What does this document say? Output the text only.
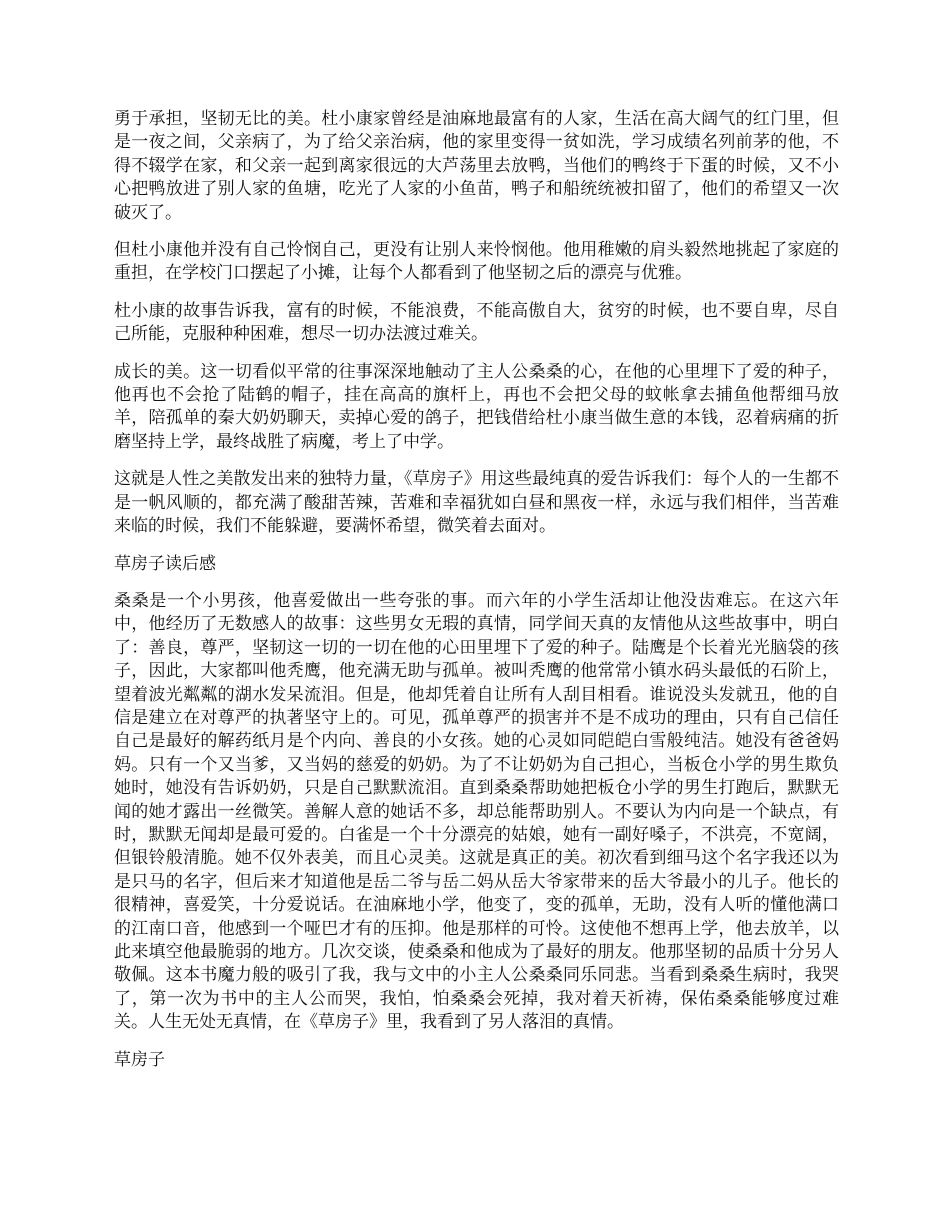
勇于承担，坚韧无比的美。杜小康家曾经是油麻地最富有的人家，生活在高大阔气的红门里，但是一夜之间，父亲病了，为了给父亲治病，他的家里变得一贫如洗，学习成绩名列前茅的他，不得不辍学在家，和父亲一起到离家很远的大芦荡里去放鸭，当他们的鸭终于下蛋的时候，又不小心把鸭放进了别人家的鱼塘，吃光了人家的小鱼苗，鸭子和船统统被扣留了，他们的希望又一次破灭了。

但杜小康他并没有自己怜悯自己，更没有让别人来怜悯他。他用稚嫩的肩头毅然地挑起了家庭的重担，在学校门口摆起了小摊，让每个人都看到了他坚韧之后的漂亮与优雅。

杜小康的故事告诉我，富有的时候，不能浪费，不能高傲自大，贫穷的时候，也不要自卑，尽自己所能，克服种种困难，想尽一切办法渡过难关。

成长的美。这一切看似平常的往事深深地触动了主人公桑桑的心，在他的心里埋下了爱的种子，他再也不会抢了陆鹤的帽子，挂在高高的旗杆上，再也不会把父母的蚊帐拿去捕鱼他帮细马放羊，陪孤单的秦大奶奶聊天，卖掉心爱的鸽子，把钱借给杜小康当做生意的本钱，忍着病痛的折磨坚持上学，最终战胜了病魔，考上了中学。

这就是人性之美散发出来的独特力量，《草房子》用这些最纯真的爱告诉我们：每个人的一生都不是一帆风顺的，都充满了酸甜苦辣，苦难和幸福犹如白昼和黑夜一样，永远与我们相伴，当苦难来临的时候，我们不能躲避，要满怀希望，微笑着去面对。

草房子读后感

桑桑是一个小男孩，他喜爱做出一些夸张的事。而六年的小学生活却让他没齿难忘。在这六年中，他经历了无数感人的故事：这些男女无瑕的真情，同学间天真的友情他从这些故事中，明白了：善良，尊严，坚韧这一切的一切在他的心田里埋下了爱的种子。陆鹰是个长着光光脑袋的孩子，因此，大家都叫他秃鹰，他充满无助与孤单。被叫秃鹰的他常常小镇水码头最低的石阶上，望着波光粼粼的湖水发呆流泪。但是，他却凭着自让所有人刮目相看。谁说没头发就丑，他的自信是建立在对尊严的执著坚守上的。可见，孤单尊严的损害并不是不成功的理由，只有自己信任自己是最好的解药纸月是个内向、善良的小女孩。她的心灵如同皑皑白雪般纯洁。她没有爸爸妈妈。只有一个又当爹，又当妈的慈爱的奶奶。为了不让奶奶为自己担心，当板仓小学的男生欺负她时，她没有告诉奶奶，只是自己默默流泪。直到桑桑帮助她把板仓小学的男生打跑后，默默无闻的她才露出一丝微笑。善解人意的她话不多，却总能帮助别人。不要认为内向是一个缺点，有时，默默无闻却是最可爱的。白雀是一个十分漂亮的姑娘，她有一副好嗓子，不洪亮，不宽阔，但银铃般清脆。她不仅外表美，而且心灵美。这就是真正的美。初次看到细马这个名字我还以为是只马的名字，但后来才知道他是岳二爷与岳二妈从岳大爷家带来的岳大爷最小的儿子。他长的很精神，喜爱笑，十分爱说话。在油麻地小学，他变了，变的孤单，无助，没有人听的懂他满口的江南口音，他感到一个哑巴才有的压抑。他是那样的可怜。这使他不想再上学，他去放羊，以此来填空他最脆弱的地方。几次交谈，使桑桑和他成为了最好的朋友。他那坚韧的品质十分另人敬佩。这本书魔力般的吸引了我，我与文中的小主人公桑桑同乐同悲。当看到桑桑生病时，我哭了，第一次为书中的主人公而哭，我怕，怕桑桑会死掉，我对着天祈祷，保佑桑桑能够度过难关。人生无处无真情，在《草房子》里，我看到了另人落泪的真情。

草房子
